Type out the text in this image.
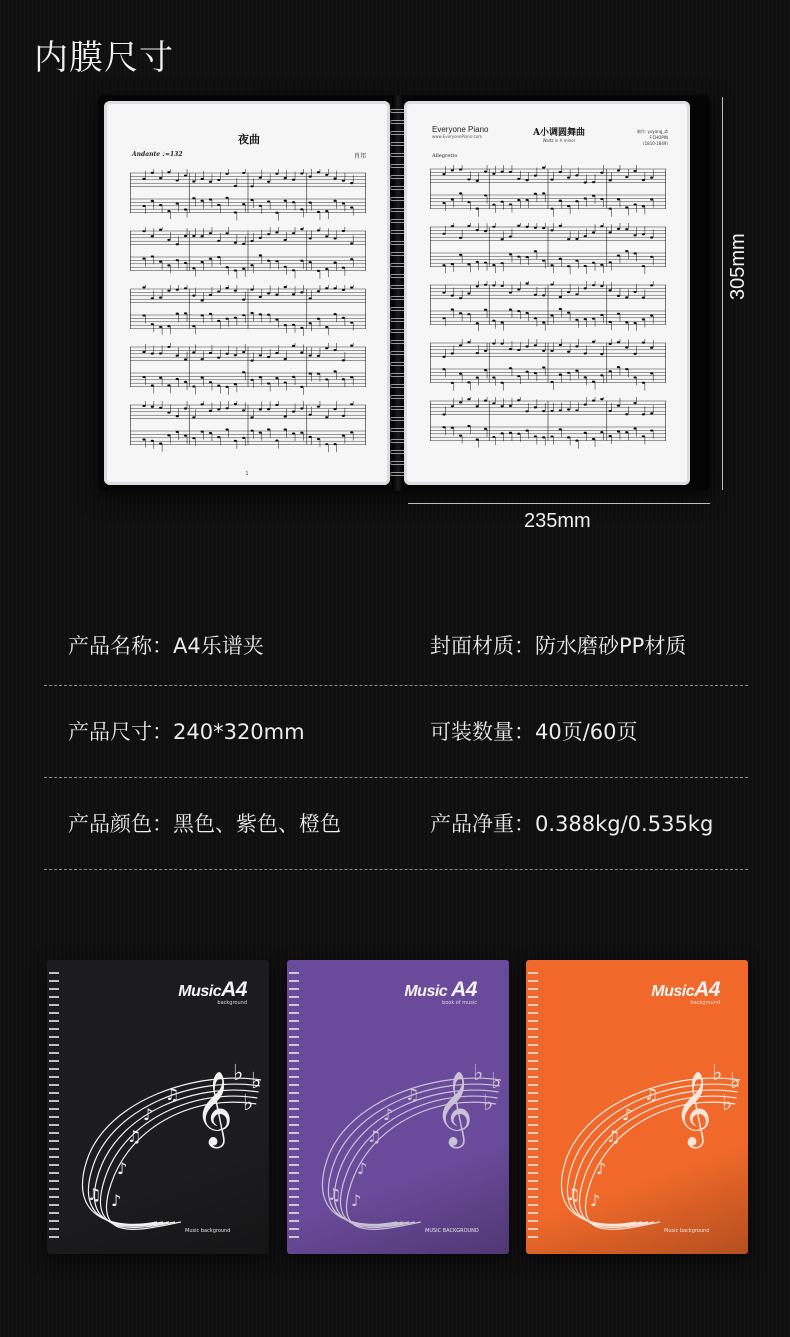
内膜尺寸
夜曲
Andante ♩=132	肖邦
1
Everyone Piano
www.EveryonePiano.com	A小调圆舞曲
Waltz in A minor
制作: yuyang_zt
F.CHOPIN
(1810-1849)
Allegretto
305mm
235mm
产品名称：A4乐谱夹	封面材质：防水磨砂PP材质
产品尺寸：240*320mm	可装数量：40页/60页
产品颜色：黑色、紫色、橙色	产品净重：0.388kg/0.535kg
𝄞 ♭ ♭
♭
♫
♪
♫
♪
♫ ♪
MusicA4
background
Music background
𝄞 ♭ ♭
♭
♫
♪
♫
♪
♫ ♪
Music A4
book of music
MUSIC BACKGROUND
𝄞 ♭ ♭
♭
♫
♪
♫
♪
♫ ♪
MusicA4
background
Music background
